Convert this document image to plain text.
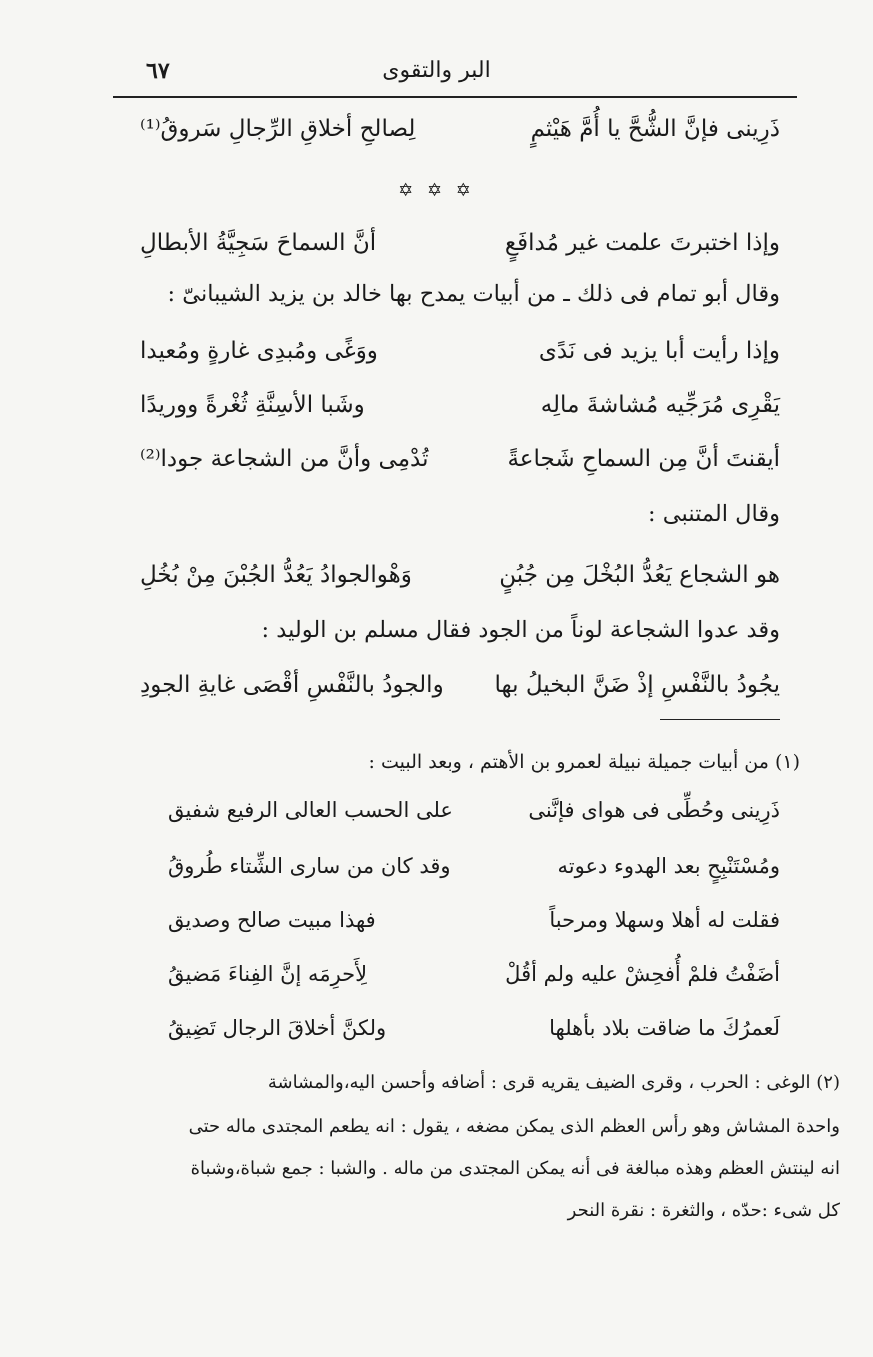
البر والتقوى
٦٧
ذَرِينى فإنَّ الشُّحَّ يا أُمَّ هَيْثمٍ
لِصالحِ أخلاقِ الرِّجالِ سَروقُ⁽¹⁾
✡ ✡ ✡
وإذا اختبرتَ علمت غير مُدافَعٍ
أنَّ السماحَ سَجِيَّةُ الأبطالِ
وقال أبو تمام فى ذلك ـ من أبيات يمدح بها خالد بن يزيد الشيبانىّ :
وإذا رأيت أبا يزيد فى نَدًى
ووَغًى ومُبدِى غارةٍ ومُعيدا
يَقْرِى مُرَجِّيه مُشاشةَ مالِه
وشَبا الأسِنَّةِ ثُغْرةً ووريدًا
أيقنتَ أنَّ مِن السماحِ شَجاعةً
تُدْمِى وأنَّ من الشجاعة جودا⁽²⁾
وقال المتنبى :
هو الشجاع يَعُدُّ البُخْلَ مِن جُبُنٍ
وَهْوالجوادُ يَعُدُّ الجُبْنَ مِنْ بُخُلِ
وقد عدوا الشجاعة لوناً من الجود فقال مسلم بن الوليد :
يجُودُ بالنَّفْسِ إذْ ضَنَّ البخيلُ بها
والجودُ بالنَّفْسِ أقْصَى غايةِ الجودِ
(١) من أبيات جميلة نبيلة لعمرو بن الأهتم ، وبعد البيت :
ذَرِينى وحُطِّى فى هواى فإنَّنى
على الحسب العالى الرفيع شفيق
ومُسْتَنْبِحٍ بعد الهدوء دعوته
وقد كان من سارى الشِّتاء طُروقُ
فقلت له أهلا وسهلا ومرحباً
فهذا مبيت صالح وصديق
أضَفْتُ فلمْ أُفحِشْ عليه ولم أقُلْ
لِأَحرِمَه إنَّ الفِناءَ مَضيقُ
لَعمرُكَ ما ضاقت بلاد بأهلها
ولكنَّ أخلاقَ الرجال تَضِيقُ
(٢) الوغى : الحرب ، وقرى الضيف يقريه قرى : أضافه وأحسن اليه،والمشاشة
واحدة المشاش وهو رأس العظم الذى يمكن مضغه ، يقول : انه يطعم المجتدى ماله حتى
انه لينتش العظم وهذه مبالغة فى أنه يمكن المجتدى من ماله . والشبا : جمع شباة،وشباة
كل شىء :حدّه ، والثغرة : نقرة النحر
